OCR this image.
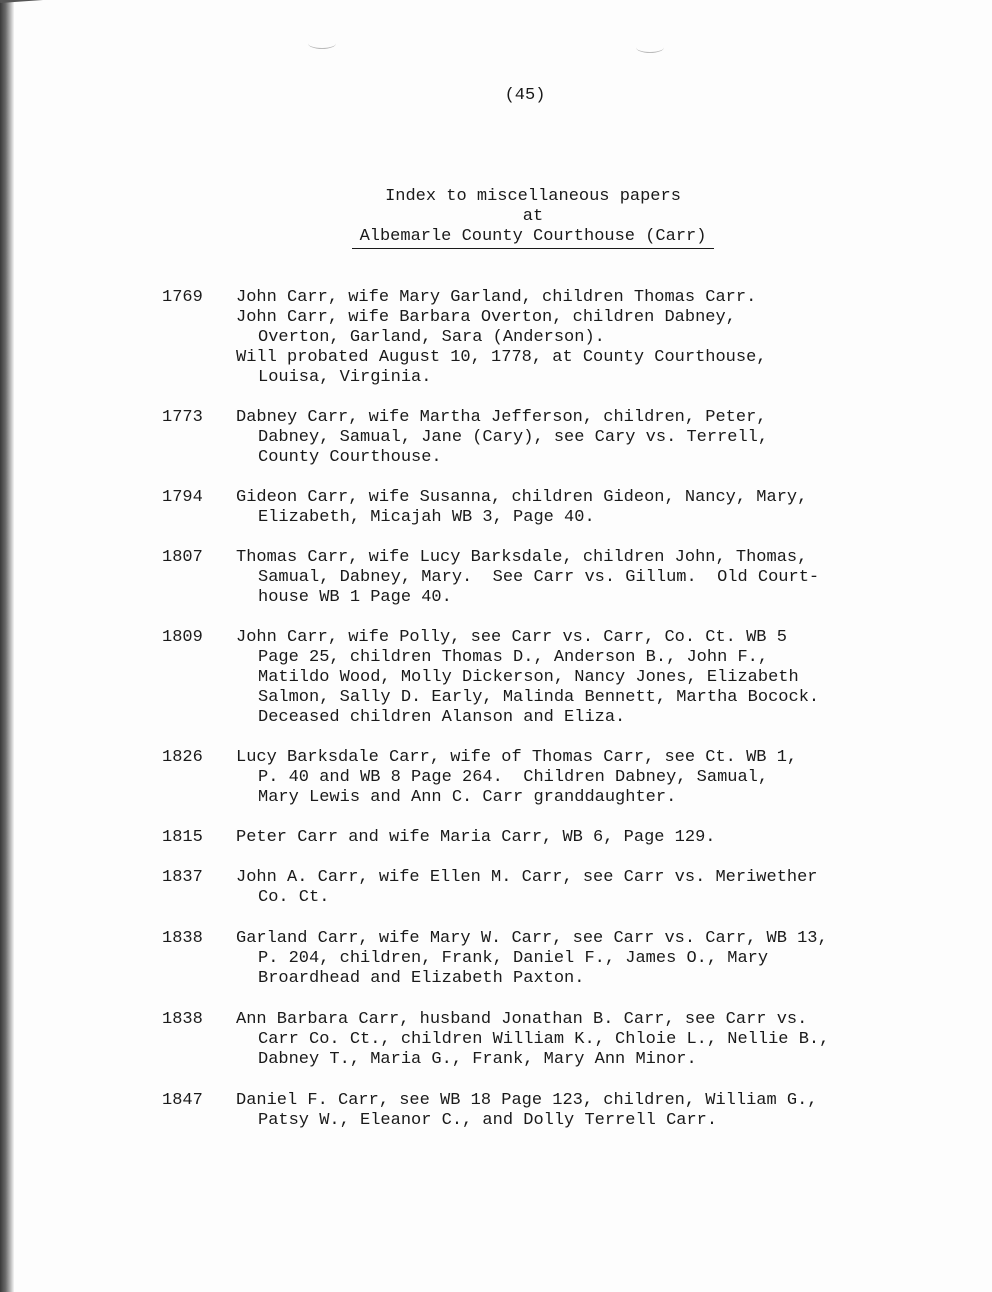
(45)
Index to miscellaneous papers
at
Albemarle County Courthouse (Carr)
1769	John Carr, wife Mary Garland, children Thomas Carr.
John Carr, wife Barbara Overton, children Dabney,
Overton, Garland, Sara (Anderson).
Will probated August 10, 1778, at County Courthouse,
Louisa, Virginia.
1773	Dabney Carr, wife Martha Jefferson, children, Peter,
Dabney, Samual, Jane (Cary), see Cary vs. Terrell,
County Courthouse.
1794	Gideon Carr, wife Susanna, children Gideon, Nancy, Mary,
Elizabeth, Micajah WB 3, Page 40.
1807	Thomas Carr, wife Lucy Barksdale, children John, Thomas,
Samual, Dabney, Mary.  See Carr vs. Gillum.  Old Court-
house WB 1 Page 40.
1809	John Carr, wife Polly, see Carr vs. Carr, Co. Ct. WB 5
Page 25, children Thomas D., Anderson B., John F.,
Matildo Wood, Molly Dickerson, Nancy Jones, Elizabeth
Salmon, Sally D. Early, Malinda Bennett, Martha Bocock.
Deceased children Alanson and Eliza.
1826	Lucy Barksdale Carr, wife of Thomas Carr, see Ct. WB 1,
P. 40 and WB 8 Page 264.  Children Dabney, Samual,
Mary Lewis and Ann C. Carr granddaughter.
1815	Peter Carr and wife Maria Carr, WB 6, Page 129.
1837	John A. Carr, wife Ellen M. Carr, see Carr vs. Meriwether
Co. Ct.
1838	Garland Carr, wife Mary W. Carr, see Carr vs. Carr, WB 13,
P. 204, children, Frank, Daniel F., James O., Mary
Broardhead and Elizabeth Paxton.
1838	Ann Barbara Carr, husband Jonathan B. Carr, see Carr vs.
Carr Co. Ct., children William K., Chloie L., Nellie B.,
Dabney T., Maria G., Frank, Mary Ann Minor.
1847	Daniel F. Carr, see WB 18 Page 123, children, William G.,
Patsy W., Eleanor C., and Dolly Terrell Carr.
